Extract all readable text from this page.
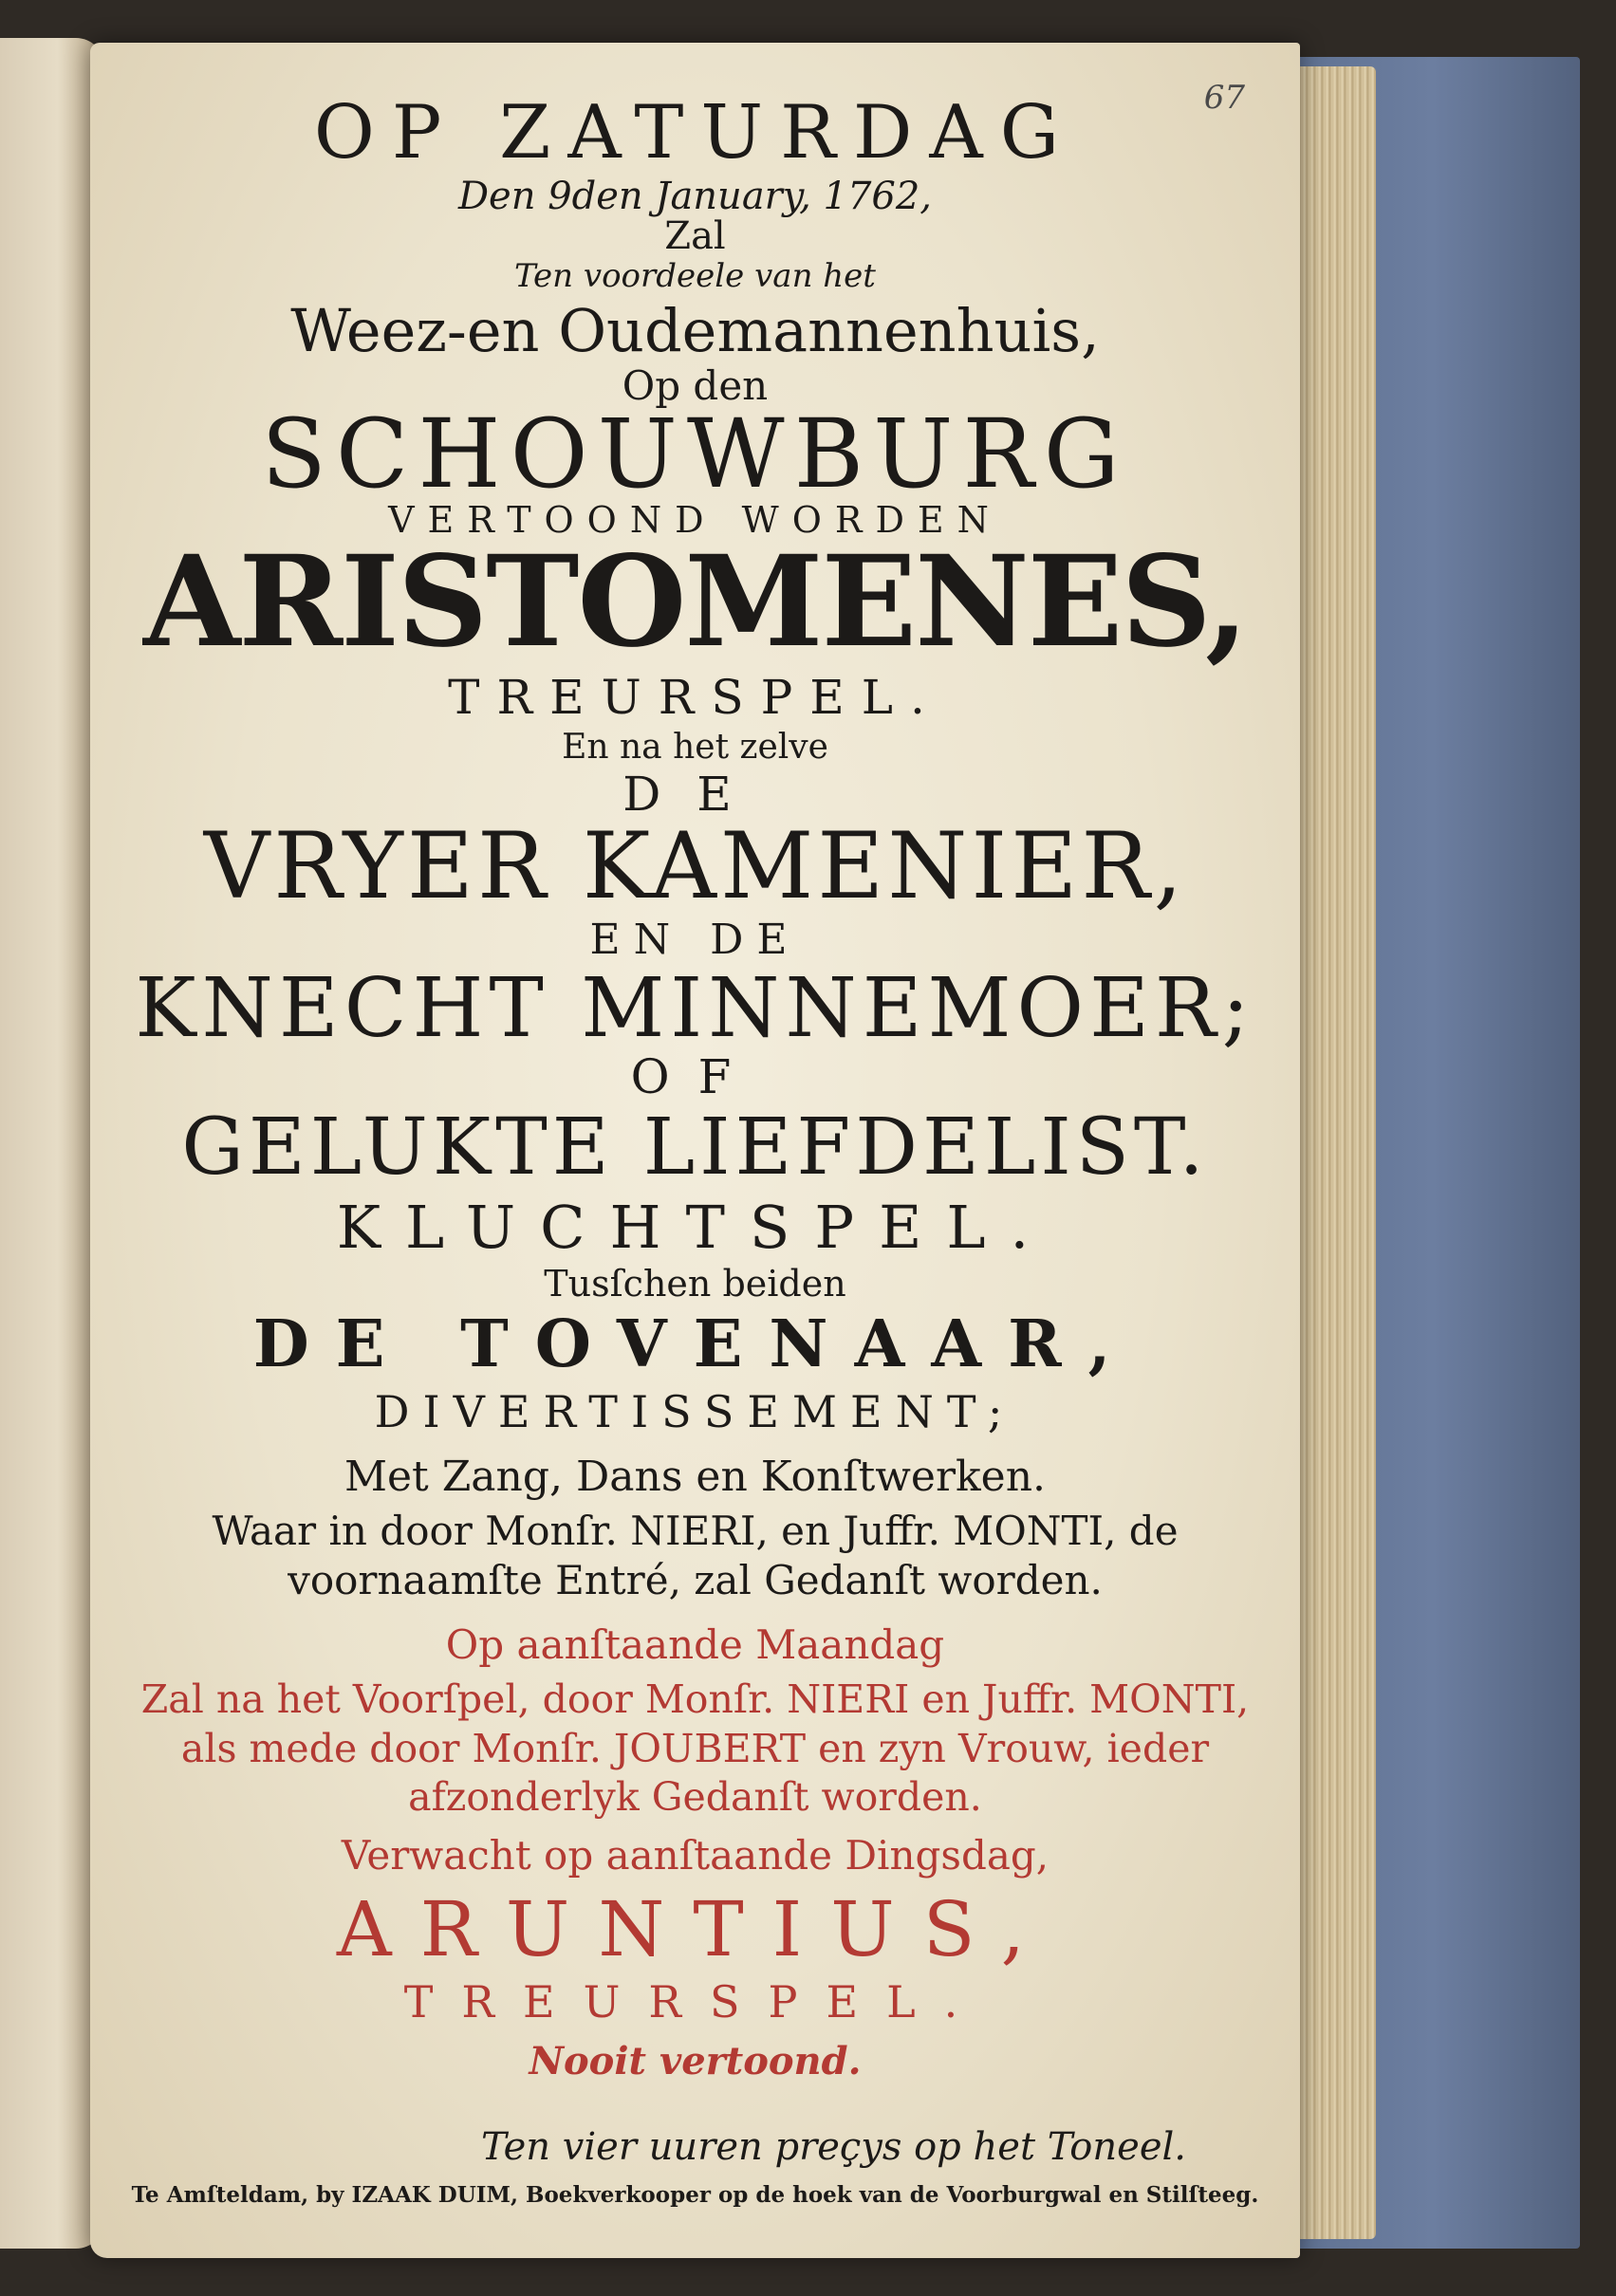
67
OP ZATURDAG
Den 9den January, 1762,
Zal
Ten voordeele van het
Weez-en Oudemannenhuis,
Op den
SCHOUWBURG
VERTOOND WORDEN
ARISTOMENES,
TREURSPEL.
En na het zelve
DE
VRYER KAMENIER,
EN DE
KNECHT MINNEMOER;
OF
GELUKTE LIEFDELIST.
KLUCHTSPEL.
Tusſchen beiden
DE TOVENAAR,
DIVERTISSEMENT;
Met Zang, Dans en Konſtwerken.
Waar in door Monſr. NIERI, en Juffr. MONTI, de
voornaamſte Entré, zal Gedanſt worden.
Op aanſtaande Maandag
Zal na het Voorſpel, door Monſr. NIERI en Juffr. MONTI,
als mede door Monſr. JOUBERT en zyn Vrouw, ieder
afzonderlyk Gedanſt worden.
Verwacht op aanſtaande Dingsdag,
ARUNTIUS,
TREURSPEL.
Nooit vertoond.
Ten vier uuren preçys op het Toneel.
Te Amſteldam, by IZAAK DUIM, Boekverkooper op de hoek van de Voorburgwal en Stilſteeg.
